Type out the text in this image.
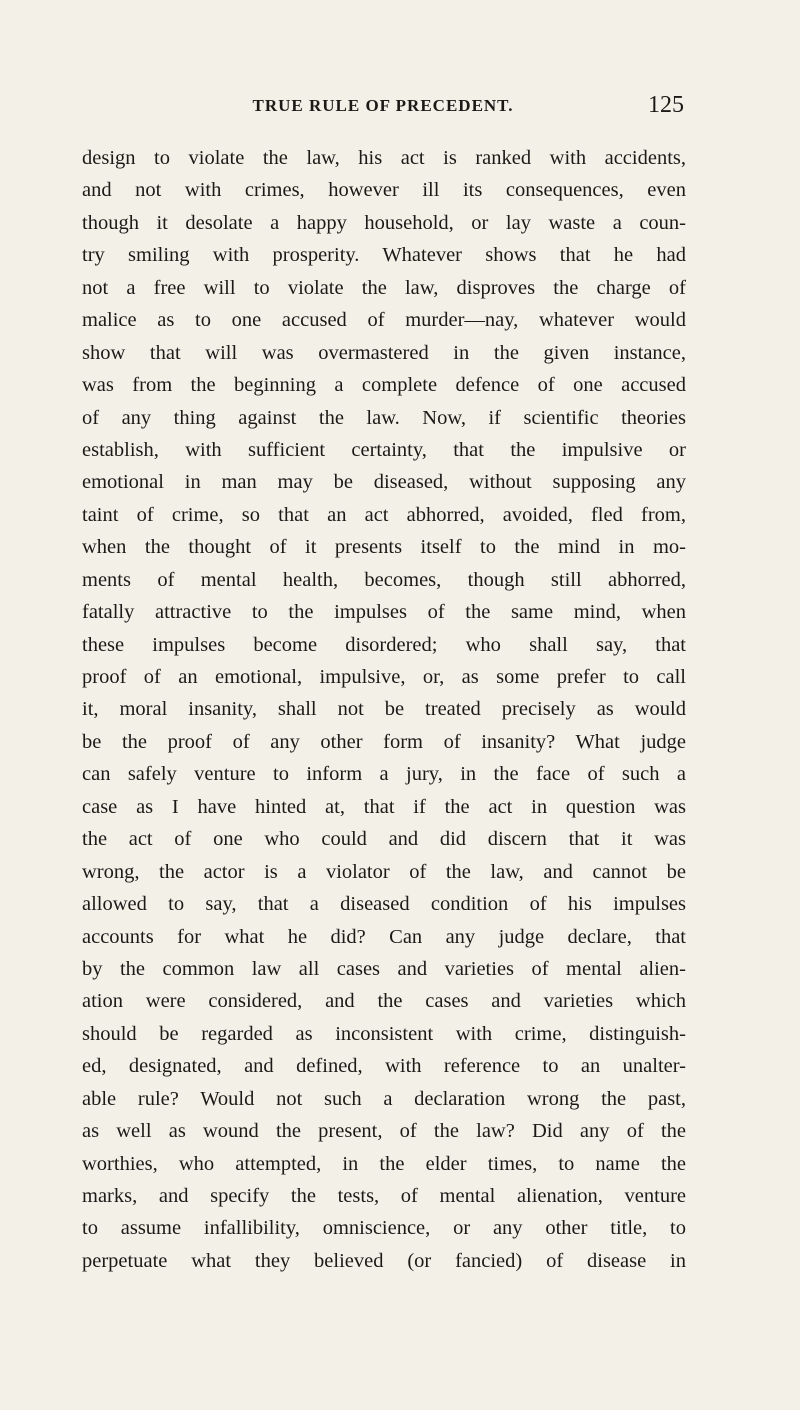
TRUE RULE OF PRECEDENT.	125
design to violate the law, his act is ranked with accidents,
and not with crimes, however ill its consequences, even
though it desolate a happy household, or lay waste a coun-
try smiling with prosperity. Whatever shows that he had
not a free will to violate the law, disproves the charge of
malice as to one accused of murder—nay, whatever would
show that will was overmastered in the given instance,
was from the beginning a complete defence of one accused
of any thing against the law. Now, if scientific theories
establish, with sufficient certainty, that the impulsive or
emotional in man may be diseased, without supposing any
taint of crime, so that an act abhorred, avoided, fled from,
when the thought of it presents itself to the mind in mo-
ments of mental health, becomes, though still abhorred,
fatally attractive to the impulses of the same mind, when
these impulses become disordered; who shall say, that
proof of an emotional, impulsive, or, as some prefer to call
it, moral insanity, shall not be treated precisely as would
be the proof of any other form of insanity? What judge
can safely venture to inform a jury, in the face of such a
case as I have hinted at, that if the act in question was
the act of one who could and did discern that it was
wrong, the actor is a violator of the law, and cannot be
allowed to say, that a diseased condition of his impulses
accounts for what he did? Can any judge declare, that
by the common law all cases and varieties of mental alien-
ation were considered, and the cases and varieties which
should be regarded as inconsistent with crime, distinguish-
ed, designated, and defined, with reference to an unalter-
able rule? Would not such a declaration wrong the past,
as well as wound the present, of the law? Did any of the
worthies, who attempted, in the elder times, to name the
marks, and specify the tests, of mental alienation, venture
to assume infallibility, omniscience, or any other title, to
perpetuate what they believed (or fancied) of disease in
